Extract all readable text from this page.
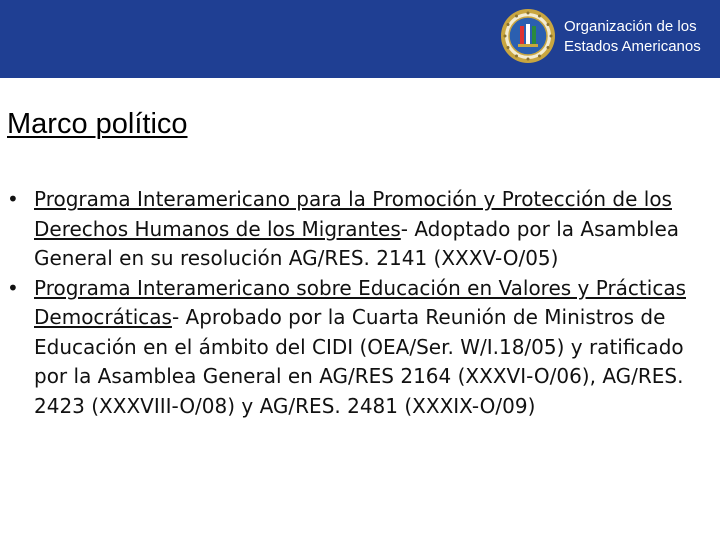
Organización de los
Estados Americanos
Marco político
• Programa Interamericano para la Promoción y Protección de los Derechos Humanos de los Migrantes- Adoptado por la Asamblea General en su resolución AG/RES. 2141 (XXXV-O/05)
• Programa Interamericano sobre Educación en Valores y Prácticas Democráticas- Aprobado por la Cuarta Reunión de Ministros de Educación en el ámbito del CIDI (OEA/Ser. W/I.18/05) y ratificado por la Asamblea General en AG/RES 2164 (XXXVI-O/06), AG/RES. 2423 (XXXVIII-O/08) y AG/RES. 2481 (XXXIX-O/09)
